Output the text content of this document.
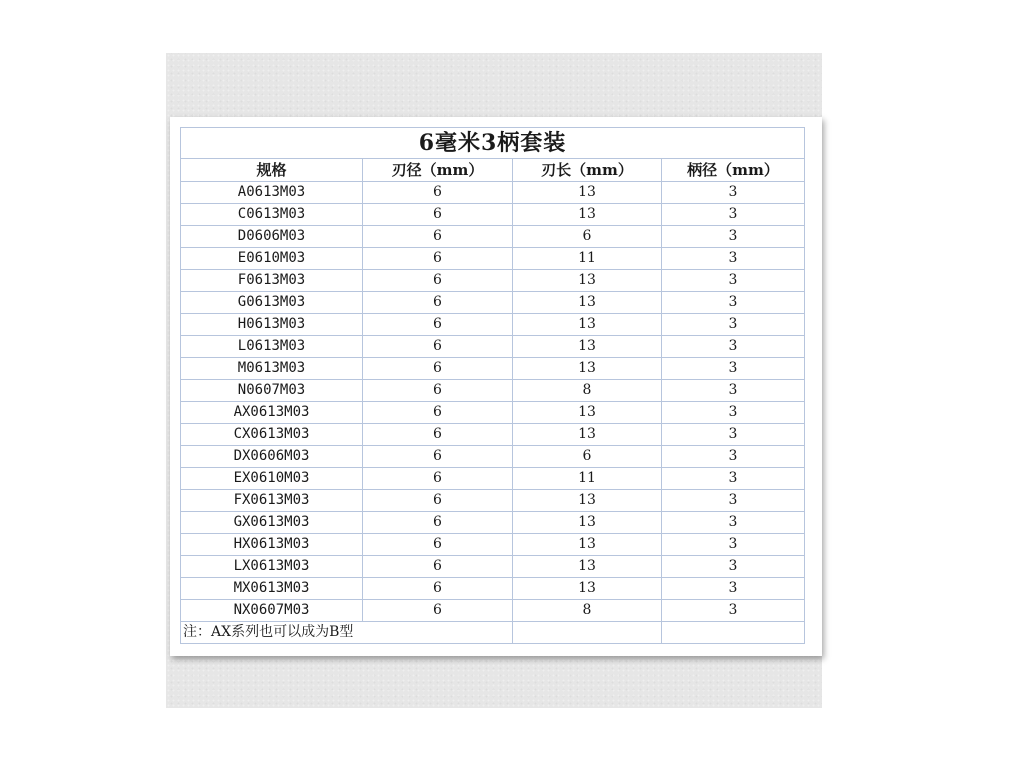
6毫米3柄套装			
规格	刃径（mm）	刃长（mm）	柄径（mm）
A0613M03	6	13	3
C0613M03	6	13	3
D0606M03	6	6	3
E0610M03	6	11	3
F0613M03	6	13	3
G0613M03	6	13	3
H0613M03	6	13	3
L0613M03	6	13	3
M0613M03	6	13	3
N0607M03	6	8	3
AX0613M03	6	13	3
CX0613M03	6	13	3
DX0606M03	6	6	3
EX0610M03	6	11	3
FX0613M03	6	13	3
GX0613M03	6	13	3
HX0613M03	6	13	3
LX0613M03	6	13	3
MX0613M03	6	13	3
NX0607M03	6	8	3
注：AX系列也可以成为B型			
